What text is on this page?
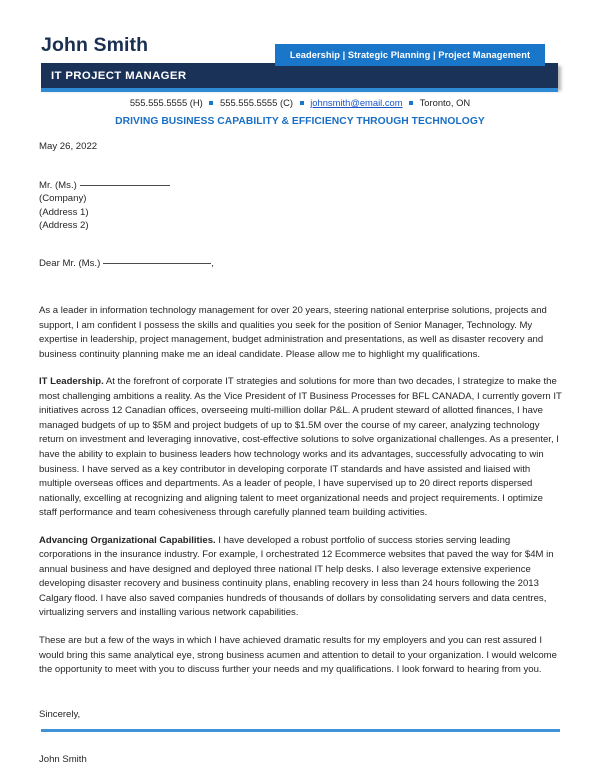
John Smith
IT PROJECT MANAGER
Leadership | Strategic Planning | Project Management
555.555.5555 (H) 555.555.5555 (C) johnsmith@email.com Toronto, ON
DRIVING BUSINESS CAPABILITY & EFFICIENCY THROUGH TECHNOLOGY
May 26, 2022
Mr. (Ms.)
(Company)
(Address 1)
(Address 2)
Dear Mr. (Ms.)	,

As a leader in information technology management for over 20 years, steering national enterprise solutions, projects and support, I am confident I possess the skills and qualities you seek for the position of Senior Manager, Technology. My expertise in leadership, project management, budget administration and presentations, as well as disaster recovery and business continuity planning make me an ideal candidate. Please allow me to highlight my qualifications.

IT Leadership. At the forefront of corporate IT strategies and solutions for more than two decades, I strategize to make the most challenging ambitions a reality. As the Vice President of IT Business Processes for BFL CANADA, I currently govern IT initiatives across 12 Canadian offices, overseeing multi-million dollar P&L. A prudent steward of allotted finances, I have managed budgets of up to $5M and project budgets of up to $1.5M over the course of my career, analyzing technology return on investment and leveraging innovative, cost-effective solutions to solve organizational challenges. As a presenter, I have the ability to explain to business leaders how technology works and its advantages, successfully advocating to win business. I have served as a key contributor in developing corporate IT standards and have assisted and liaised with multiple overseas offices and departments. As a leader of people, I have supervised up to 20 direct reports dispersed nationally, excelling at recognizing and aligning talent to meet organizational needs and project requirements. I optimize staff performance and team cohesiveness through carefully planned team building activities.

Advancing Organizational Capabilities. I have developed a robust portfolio of success stories serving leading corporations in the insurance industry. For example, I orchestrated 12 Ecommerce websites that paved the way for $4M in annual business and have designed and deployed three national IT help desks. I also leverage extensive experience developing disaster recovery and business continuity plans, enabling recovery in less than 24 hours following the 2013 Calgary flood. I have also saved companies hundreds of thousands of dollars by consolidating servers and data centres, virtualizing servers and installing various network capabilities.

These are but a few of the ways in which I have achieved dramatic results for my employers and you can rest assured I would bring this same analytical eye, strong business acumen and attention to detail to your organization. I would welcome the opportunity to meet with you to discuss further your needs and my qualifications. I look forward to hearing from you.

Sincerely,
John Smith
